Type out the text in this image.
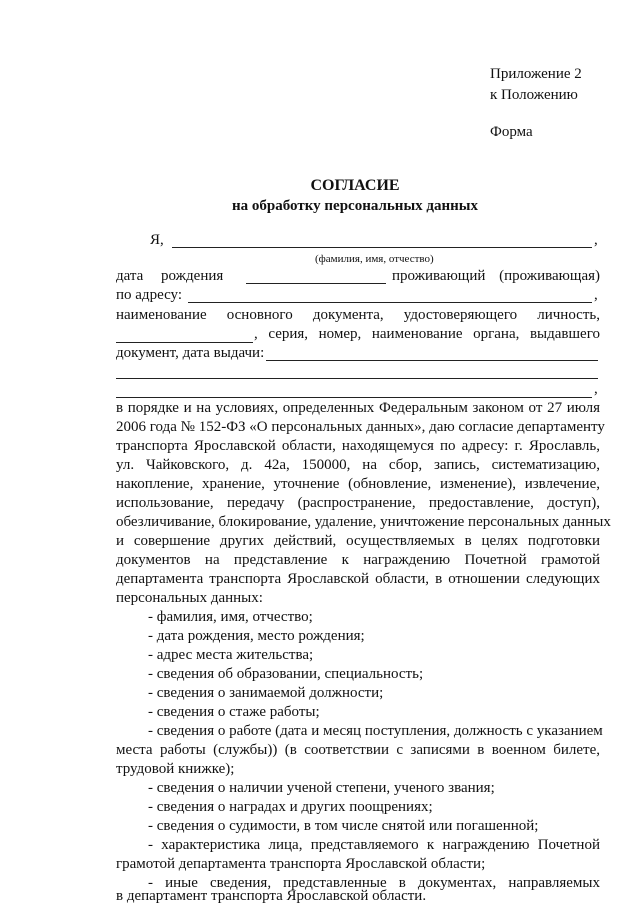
Приложение 2
к Положению
Форма
СОГЛАСИЕ
на обработку персональных данных
Я,	,
(фамилия, имя, отчество)
дата рождения	проживающий (проживающая)
по адресу:	,
наименование основного документа, удостоверяющего личность,
, серия, номер, наименование органа, выдавшего
документ, дата выдачи:
,
в порядке и на условиях, определенных Федеральным законом от 27 июля
2006 года № 152-ФЗ «О персональных данных», даю согласие департаменту
транспорта Ярославской области, находящемуся по адресу: г. Ярославль,
ул. Чайковского, д. 42а, 150000, на сбор, запись, систематизацию,
накопление, хранение, уточнение (обновление, изменение), извлечение,
использование, передачу (распространение, предоставление, доступ),
обезличивание, блокирование, удаление, уничтожение персональных данных
и совершение других действий, осуществляемых в целях подготовки
документов на представление к награждению Почетной грамотой
департамента транспорта Ярославской области, в отношении следующих
персональных данных:
- фамилия, имя, отчество;
- дата рождения, место рождения;
- адрес места жительства;
- сведения об образовании, специальность;
- сведения о занимаемой должности;
- сведения о стаже работы;
- сведения о работе (дата и месяц поступления, должность с указанием
места работы (службы)) (в соответствии с записями в военном билете,
трудовой книжке);
- сведения о наличии ученой степени, ученого звания;
- сведения о наградах и других поощрениях;
- сведения о судимости, в том числе снятой или погашенной;
- характеристика лица, представляемого к награждению Почетной
грамотой департамента транспорта Ярославской области;
- иные сведения, представленные в документах, направляемых
в департамент транспорта Ярославской области.
